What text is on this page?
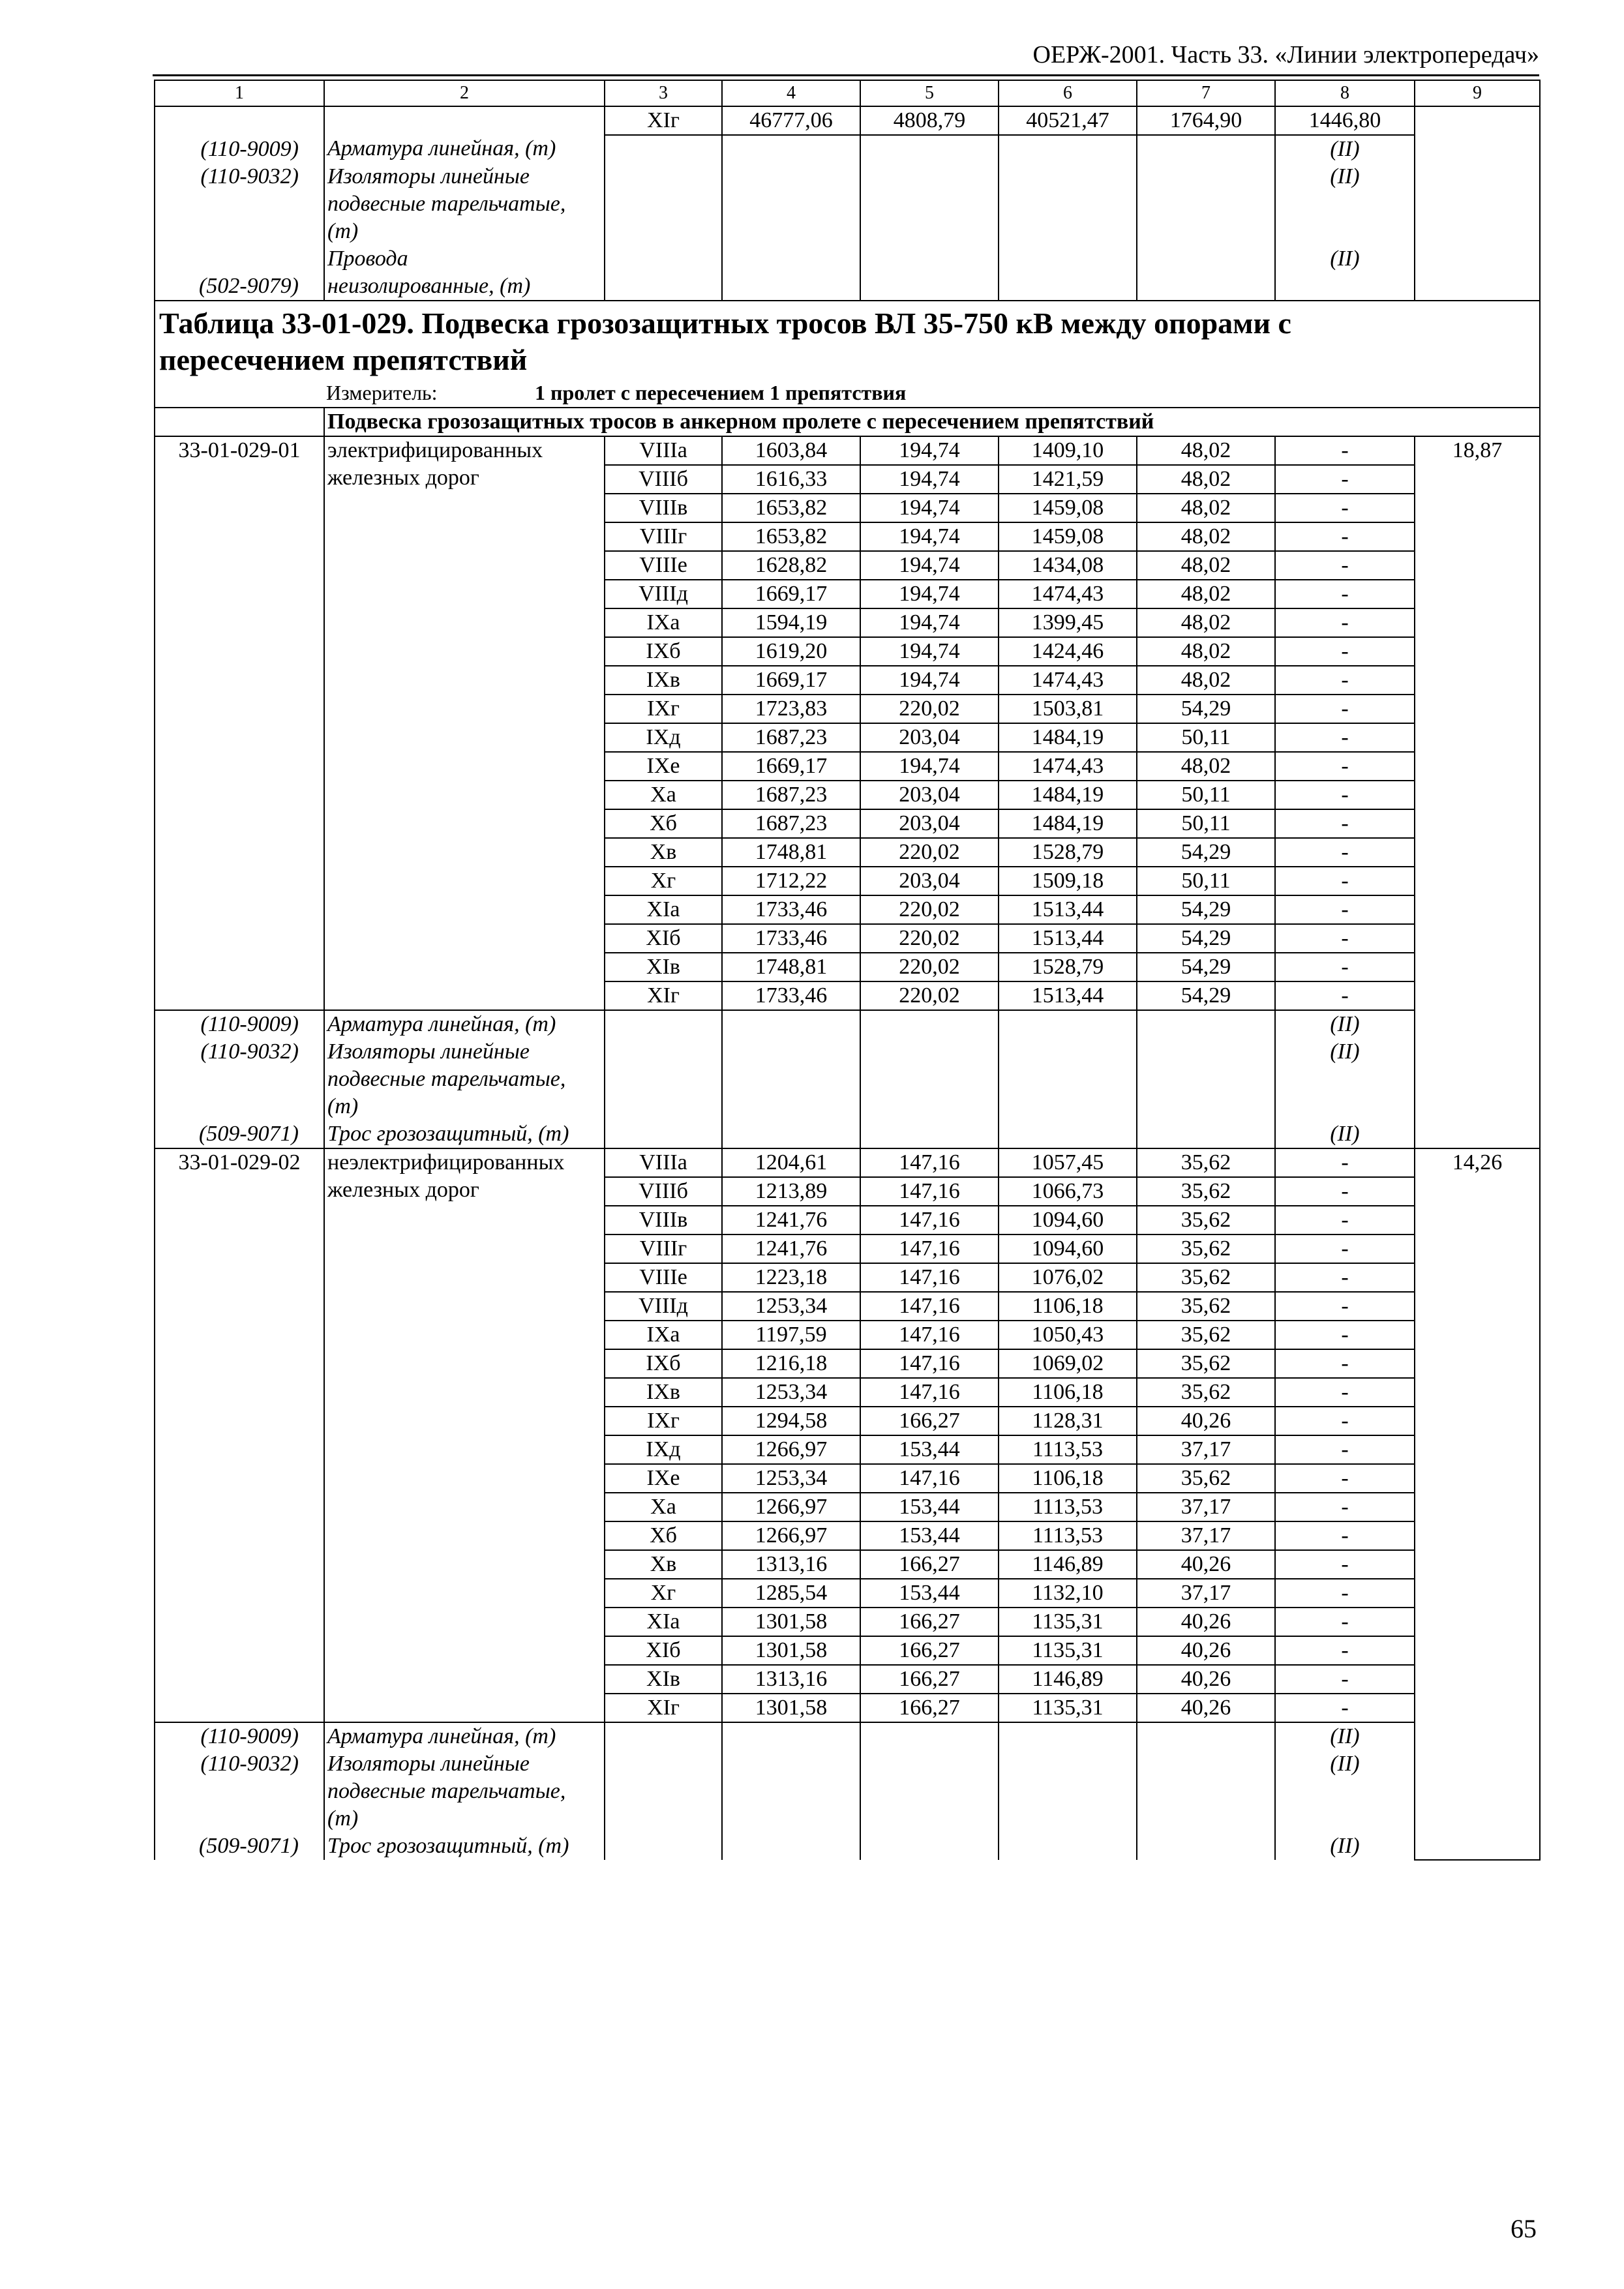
ОЕРЖ-2001. Часть 33. «Линии электропередач»
1	2	3	4	5	6	7	8	9
		XIг	46777,06	4808,79	40521,47	1764,90	1446,80	

(110-9009)	Арматура линейная, (т)						(II)	

(110-9032)	Изоляторы линейные
подвесные тарельчатые,
(т)						(II)	

(502-9079)	Провода
неизолированные, (т)						(II)	

Таблица 33-01-029. Подвеска грозозащитных тросов ВЛ 35-750 кВ между опорами с
пересечением препятствий								

Измеритель: 1 пролет с пересечением 1 препятствия								
	Подвеска грозозащитных тросов в анкерном пролете с пересечением препятствий							
33-01-029-01	электрифицированных
железных дорог	VIIIа	1603,84	194,74	1409,10	48,02	-	18,87
		VIIIб	1616,33	194,74	1421,59	48,02	-	
		VIIIв	1653,82	194,74	1459,08	48,02	-	
		VIIIг	1653,82	194,74	1459,08	48,02	-	
		VIIIе	1628,82	194,74	1434,08	48,02	-	
		VIIIд	1669,17	194,74	1474,43	48,02	-	
		IXа	1594,19	194,74	1399,45	48,02	-	
		IXб	1619,20	194,74	1424,46	48,02	-	
		IXв	1669,17	194,74	1474,43	48,02	-	
		IXг	1723,83	220,02	1503,81	54,29	-	
		IXд	1687,23	203,04	1484,19	50,11	-	
		IXе	1669,17	194,74	1474,43	48,02	-	
		Xа	1687,23	203,04	1484,19	50,11	-	
		Xб	1687,23	203,04	1484,19	50,11	-	
		Xв	1748,81	220,02	1528,79	54,29	-	
		Xг	1712,22	203,04	1509,18	50,11	-	
		XIа	1733,46	220,02	1513,44	54,29	-	
		XIб	1733,46	220,02	1513,44	54,29	-	
		XIв	1748,81	220,02	1528,79	54,29	-	
		XIг	1733,46	220,02	1513,44	54,29	-	

(110-9009)	Арматура линейная, (т)						(II)	

(110-9032)	Изоляторы линейные
подвесные тарельчатые,
(т)						(II)	

(509-9071)	Трос грозозащитный, (т)						(II)	
33-01-029-02	неэлектрифицированных
железных дорог	VIIIа	1204,61	147,16	1057,45	35,62	-	14,26
		VIIIб	1213,89	147,16	1066,73	35,62	-	
		VIIIв	1241,76	147,16	1094,60	35,62	-	
		VIIIг	1241,76	147,16	1094,60	35,62	-	
		VIIIе	1223,18	147,16	1076,02	35,62	-	
		VIIIд	1253,34	147,16	1106,18	35,62	-	
		IXа	1197,59	147,16	1050,43	35,62	-	
		IXб	1216,18	147,16	1069,02	35,62	-	
		IXв	1253,34	147,16	1106,18	35,62	-	
		IXг	1294,58	166,27	1128,31	40,26	-	
		IXд	1266,97	153,44	1113,53	37,17	-	
		IXе	1253,34	147,16	1106,18	35,62	-	
		Xа	1266,97	153,44	1113,53	37,17	-	
		Xб	1266,97	153,44	1113,53	37,17	-	
		Xв	1313,16	166,27	1146,89	40,26	-	
		Xг	1285,54	153,44	1132,10	37,17	-	
		XIа	1301,58	166,27	1135,31	40,26	-	
		XIб	1301,58	166,27	1135,31	40,26	-	
		XIв	1313,16	166,27	1146,89	40,26	-	
		XIг	1301,58	166,27	1135,31	40,26	-	

(110-9009)	Арматура линейная, (т)						(II)	

(110-9032)	Изоляторы линейные
подвесные тарельчатые,
(т)						(II)	

(509-9071)	Трос грозозащитный, (т)						(II)	
65
